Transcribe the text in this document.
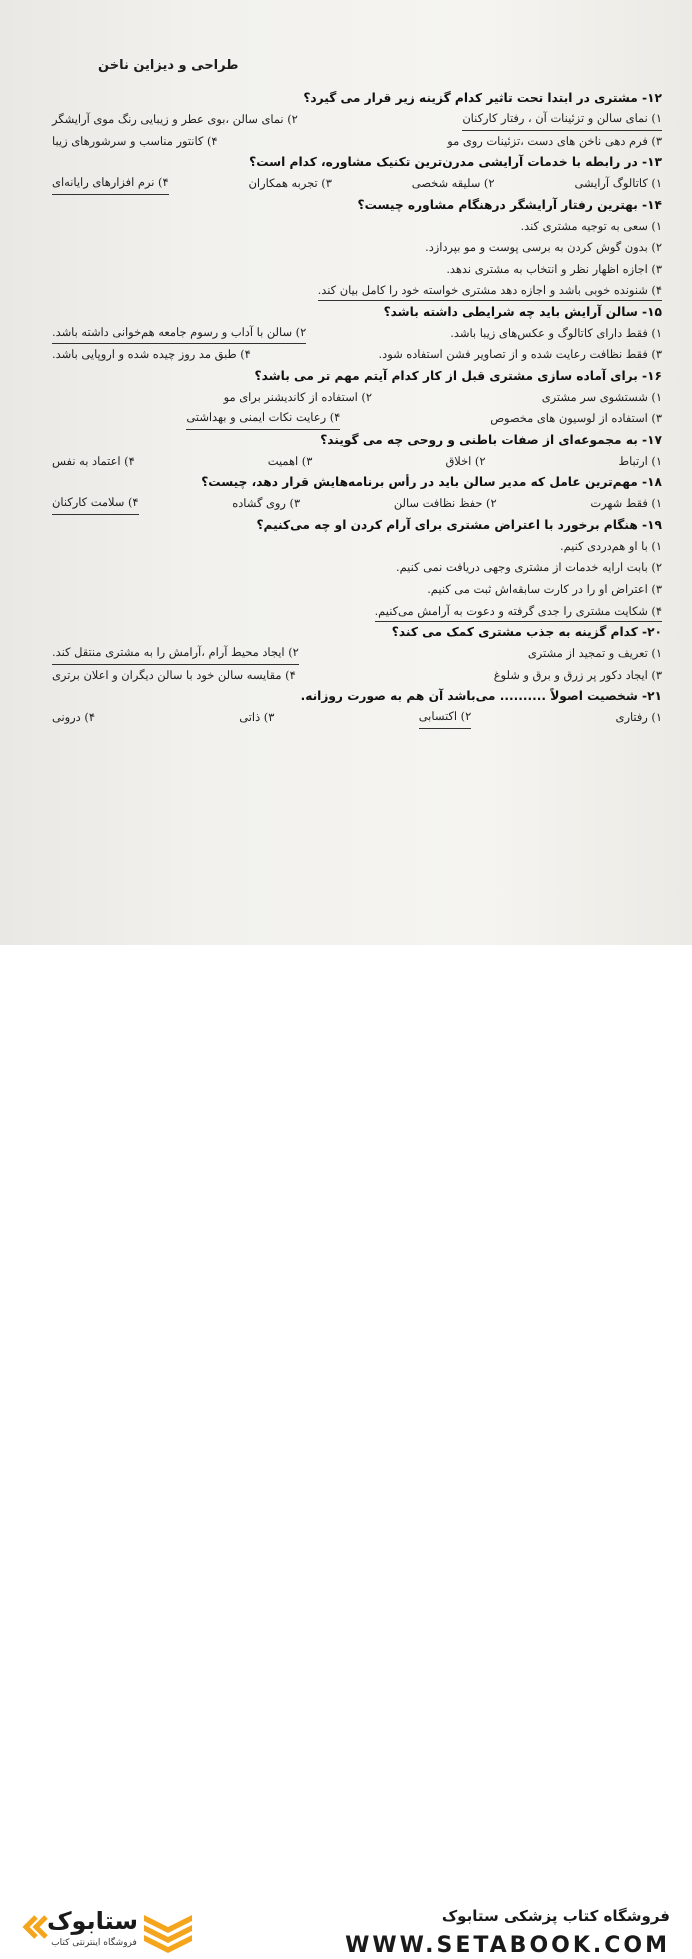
طراحی و دیزاین ناخن
۱۲- مشتری در ابتدا تحت تاثیر کدام گزینه زیر قرار می گیرد؟
۱) نمای سالن و تزئینات آن ، رفتار کارکنان
۲) نمای سالن ،بوی عطر و زیبایی رنگ موی آرایشگر
۳) فرم دهی ناخن های دست ،تزئینات روی مو
۴) کانتور مناسب و سرشورهای زیبا
۱۳- در رابطه با خدمات آرایشی مدرن‌ترین تکنیک مشاوره، کدام است؟
۱) کاتالوگ آرایشی
۲) سلیقه شخصی
۳) تجربه همکاران
۴) نرم افزارهای رایانه‌ای
۱۴- بهترین رفتار آرایشگر درهنگام مشاوره چیست؟
۱) سعی به توجیه مشتری کند.
۲) بدون گوش کردن به برسی پوست و مو بپردازد.
۳) اجازه اظهار نظر و انتخاب به مشتری ندهد.
۴) شنونده خوبی باشد و اجازه دهد مشتری خواسته خود را کامل بیان کند.
۱۵- سالن آرایش باید چه شرایطی داشته باشد؟
۱) فقط دارای کاتالوگ و عکس‌های زیبا باشد.
۲) سالن با آداب و رسوم جامعه هم‌خوانی داشته باشد.
۳) فقط نظافت رعایت شده و از تصاویر فشن استفاده شود.
۴) طبق مد روز چیده شده و اروپایی باشد.
۱۶- برای آماده سازی مشتری قبل از کار کدام آیتم مهم تر می باشد؟
۱) شستشوی سر مشتری
۲) استفاده از کاندیشنر برای مو
۳) استفاده از لوسیون های مخصوص
۴) رعایت نکات ایمنی و بهداشتی
۱۷- به مجموعه‌ای از صفات باطنی و روحی چه می گویند؟
۱) ارتباط
۲) اخلاق
۳) اهمیت
۴) اعتماد به نفس
۱۸- مهم‌ترین عامل که مدیر سالن باید در رأس برنامه‌هایش قرار دهد، چیست؟
۱) فقط شهرت
۲) حفظ نظافت سالن
۳) روی گشاده
۴) سلامت کارکنان
۱۹- هنگام برخورد با اعتراض مشتری برای آرام کردن او چه می‌کنیم؟
۱) با او هم‌دردی کنیم.
۲) بابت ارایه خدمات از مشتری وجهی دریافت نمی کنیم.
۳) اعتراض او را در کارت سابقه‌اش ثبت می کنیم.
۴) شکایت مشتری را جدی گرفته و دعوت به آرامش می‌کنیم.
۲۰- کدام گزینه به جذب مشتری کمک می کند؟
۱) تعریف و تمجید از مشتری
۲) ایجاد محیط آرام ،آرامش را به مشتری منتقل کند.
۳) ایجاد دکور پر زرق و برق و شلوغ
۴) مقایسه سالن خود با سالن دیگران و اعلان برتری
۲۱- شخصیت اصولاً .......... می‌باشد آن هم به صورت روزانه.
۱) رفتاری
۲) اکتسابی
۳) ذاتی
۴) درونی
ستابوک
فروشگاه اینترنتی کتاب
فروشگاه کتاب پزشکی ستابوک
WWW.SETABOOK.COM
